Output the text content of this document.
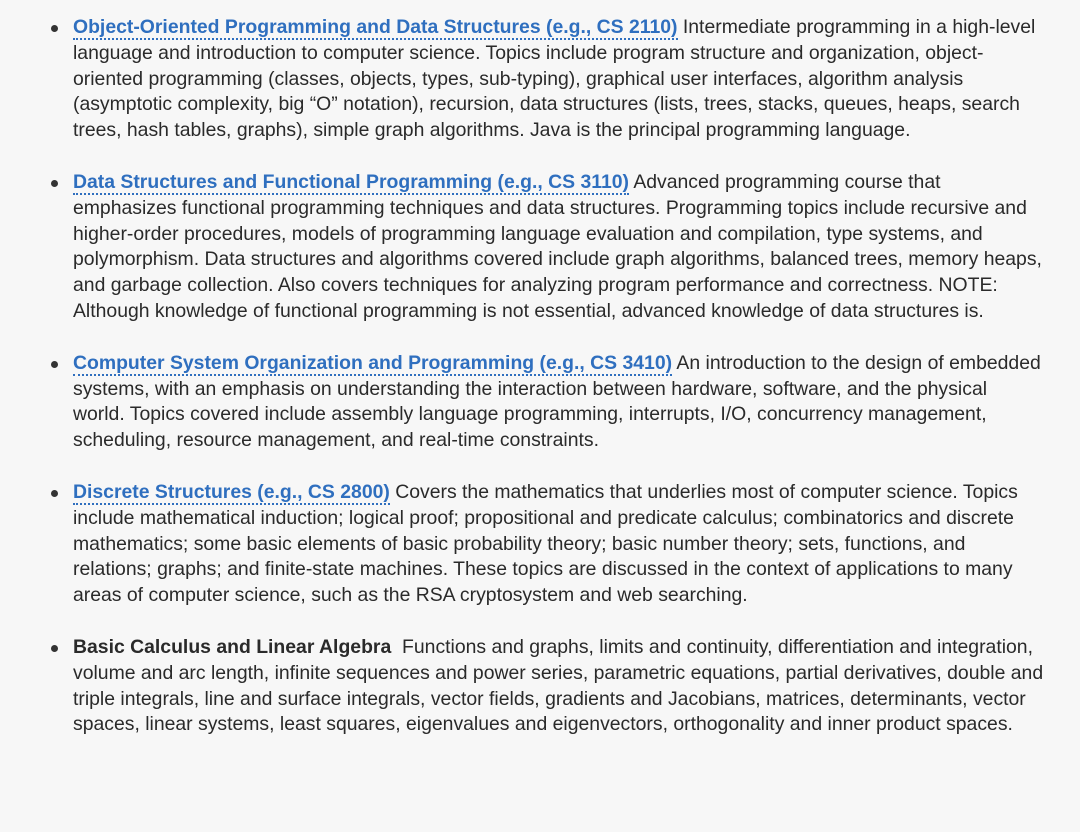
Object-Oriented Programming and Data Structures (e.g., CS 2110) Intermediate programming in a high-level language and introduction to computer science. Topics include program structure and organization, object-oriented programming (classes, objects, types, sub-typing), graphical user interfaces, algorithm analysis (asymptotic complexity, big “O” notation), recursion, data structures (lists, trees, stacks, queues, heaps, search trees, hash tables, graphs), simple graph algorithms. Java is the principal programming language.
Data Structures and Functional Programming (e.g., CS 3110) Advanced programming course that emphasizes functional programming techniques and data structures. Programming topics include recursive and higher-order procedures, models of programming language evaluation and compilation, type systems, and polymorphism. Data structures and algorithms covered include graph algorithms, balanced trees, memory heaps, and garbage collection. Also covers techniques for analyzing program performance and correctness. NOTE: Although knowledge of functional programming is not essential, advanced knowledge of data structures is.
Computer System Organization and Programming (e.g., CS 3410) An introduction to the design of embedded systems, with an emphasis on understanding the interaction between hardware, software, and the physical world. Topics covered include assembly language programming, interrupts, I/O, concurrency management, scheduling, resource management, and real-time constraints.
Discrete Structures (e.g., CS 2800) Covers the mathematics that underlies most of computer science. Topics include mathematical induction; logical proof; propositional and predicate calculus; combinatorics and discrete mathematics; some basic elements of basic probability theory; basic number theory; sets, functions, and relations; graphs; and finite-state machines. These topics are discussed in the context of applications to many areas of computer science, such as the RSA cryptosystem and web searching.
Basic Calculus and Linear Algebra Functions and graphs, limits and continuity, differentiation and integration, volume and arc length, infinite sequences and power series, parametric equations, partial derivatives, double and triple integrals, line and surface integrals, vector fields, gradients and Jacobians, matrices, determinants, vector spaces, linear systems, least squares, eigenvalues and eigenvectors, orthogonality and inner product spaces.
